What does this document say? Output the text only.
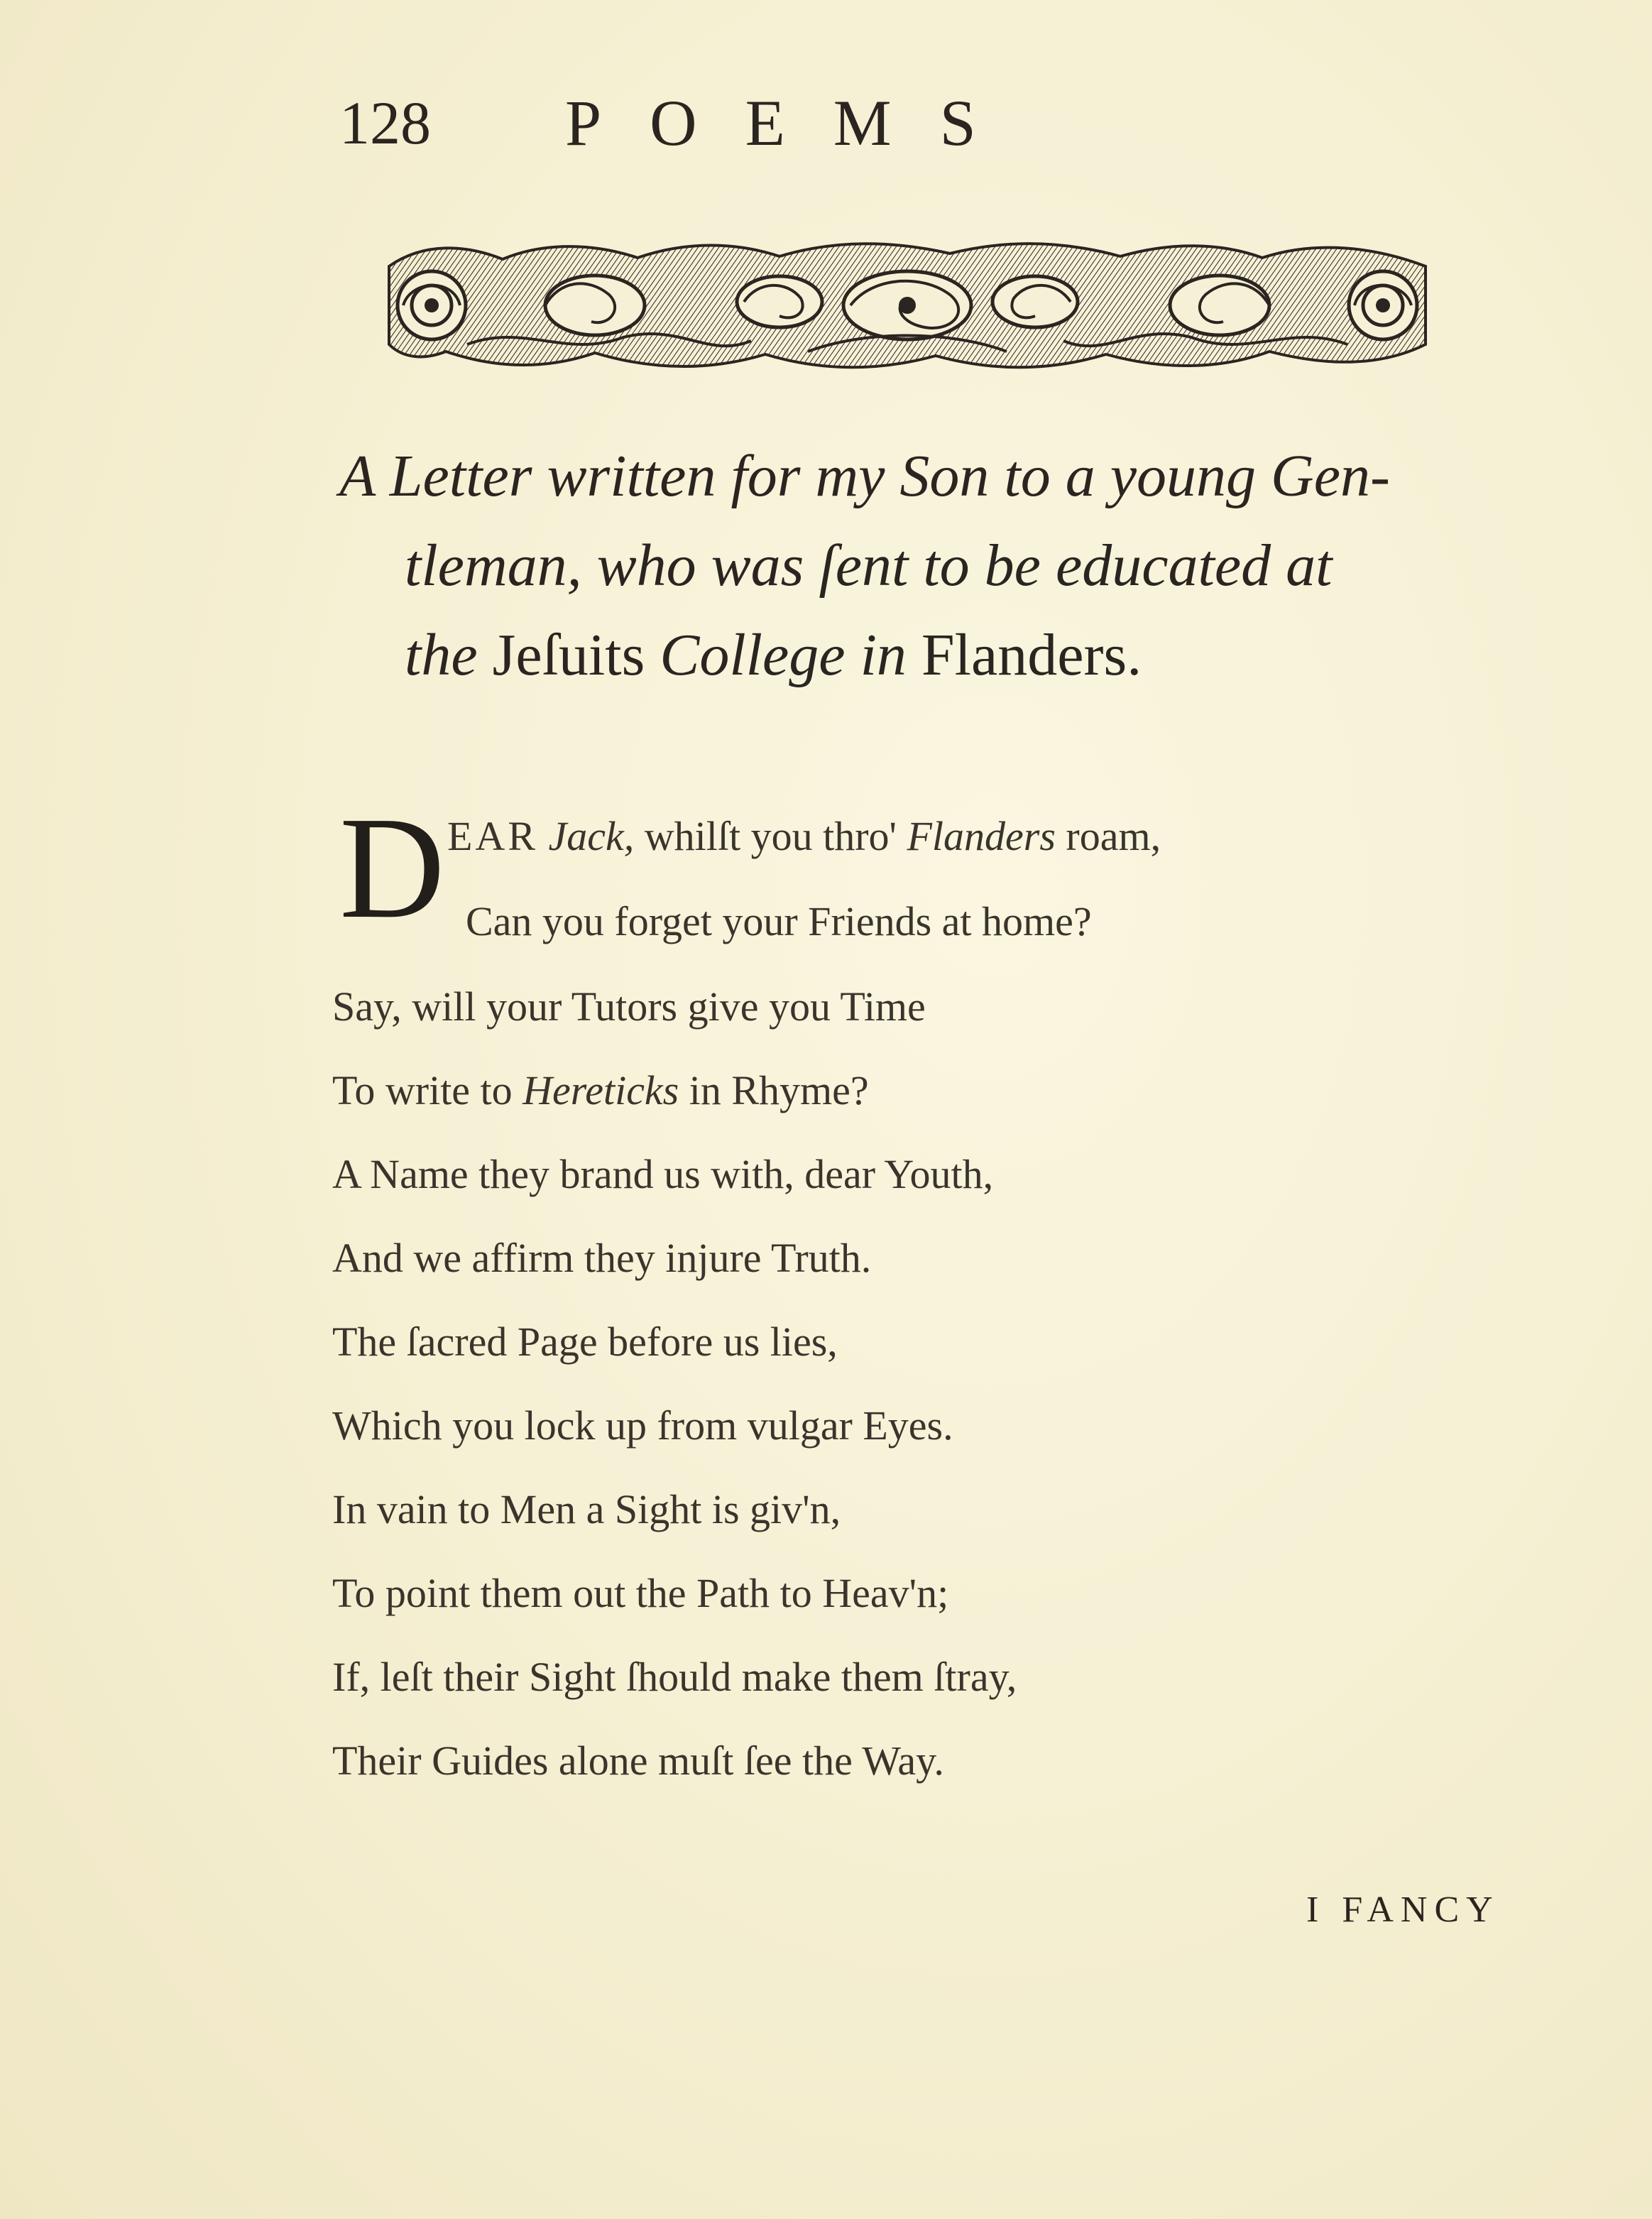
128 POEMS
A Letter written for my Son to a young Gen-
tleman, who was ſent to be educated at
the Jeſuits College in Flanders.
D EAR Jack, whilſt you thro' Flanders roam,
Can you forget your Friends at home?
Say, will your Tutors give you Time
To write to Hereticks in Rhyme?
A Name they brand us with, dear Youth,
And we affirm they injure Truth.
The ſacred Page before us lies,
Which you lock up from vulgar Eyes.
In vain to Men a Sight is giv'n,
To point them out the Path to Heav'n;
If, leſt their Sight ſhould make them ſtray,
Their Guides alone muſt ſee the Way.
I FANCY
